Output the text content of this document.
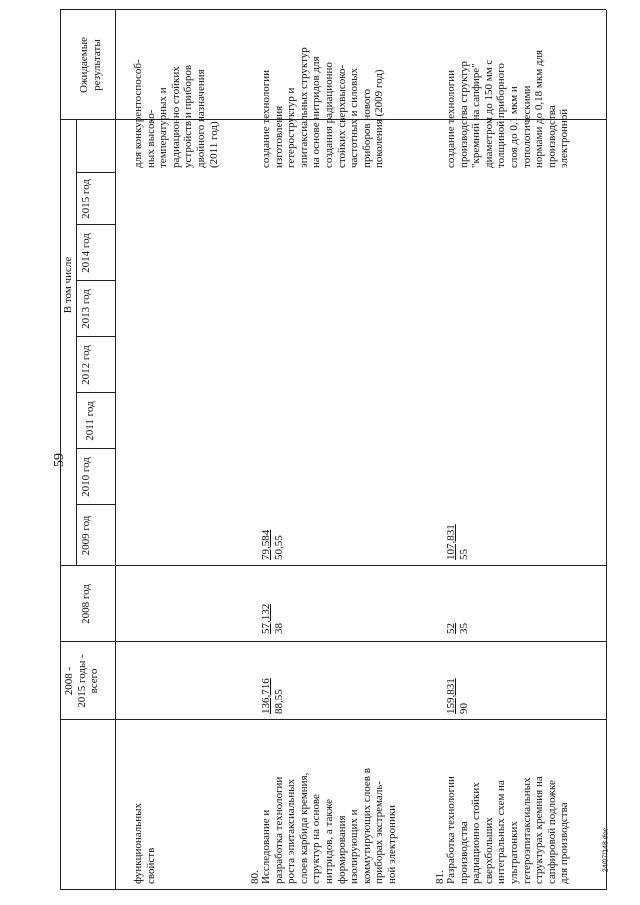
59
24/07/148.doc
2008 - 2015 годы - всего
В том числе
2008 год
2009 год
2010 год
2011 год
2012 год
2013 год
2014 год
2015 год
Ожидаемые результаты
функциональных
свойств
для конкурентоспособ-
ных высоко-
температурных и
радиационно стойких
устройств и приборов
двойного назначения
(2011 год)
80. Исследование и
разработка технологии
роста эпитаксиальных
слоев карбида кремния,
структур на основе
нитридов, а также
формирования
изолирующих и
коммутирующих слоев в
приборах экстремаль-
ной электроники
136,716 88,55
57,132 38
79,584 50,55
создание технологии
изготовления
гетероструктур и
эпитаксиальных структур
на основе нитридов для
создания радиационно
стойких сверхвысоко-
частотных и силовых
приборов нового
поколения (2009 год)
81. Разработка технологии
производства
радиационно стойких
сверхбольших
интегральных схем на
ультратонких
гетероэпитаксиальных
структурах кремния на
сапфировой подложке
для производства
159,831 90
52 35
107,831 55
создание технологии
производства структур
"кремний на сапфире"
диаметром до 150 мм с
толщиной приборного
слоя до 0,1 мкм и
топологическими
нормами до 0,18 мкм для
производства
электронной
